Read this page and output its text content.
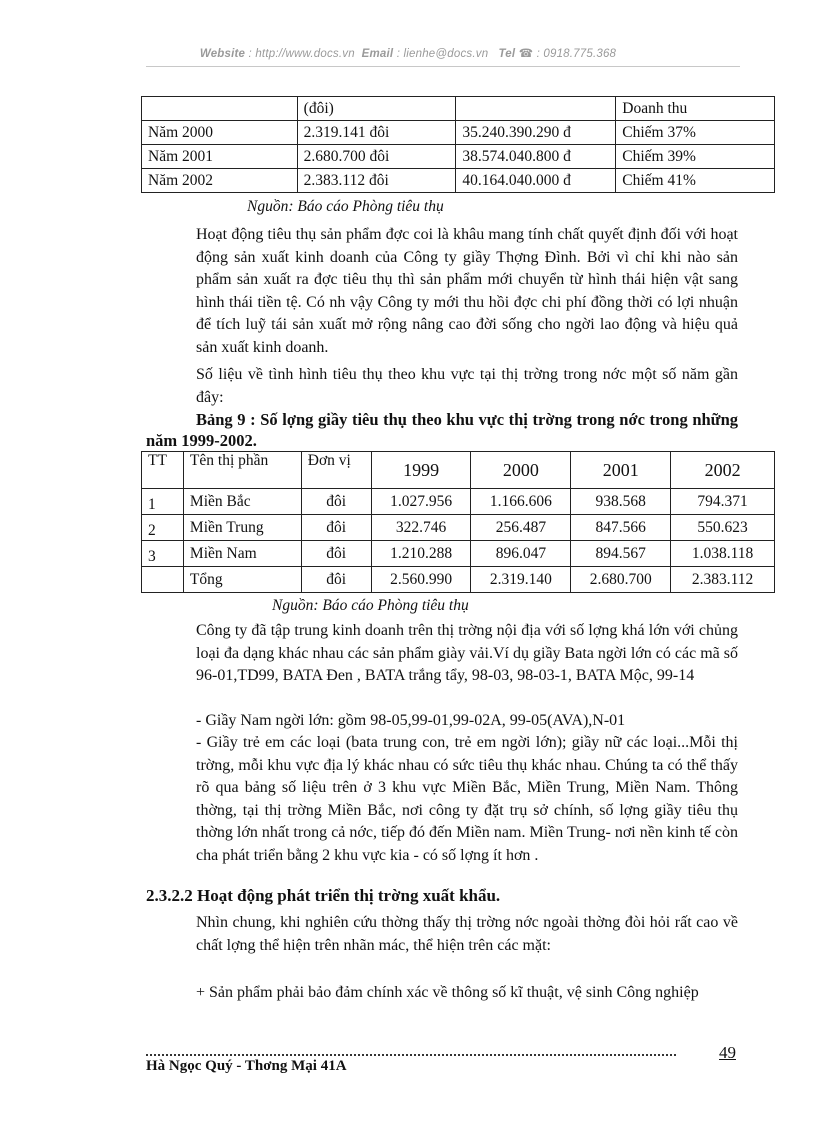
Website : http://www.docs.vn Email : lienhe@docs.vn Tel ☎ : 0918.775.368
	(đôi)		Doanh thu
Năm 2000	2.319.141 đôi	35.240.390.290 đ	Chiếm 37%
Năm 2001	2.680.700 đôi	38.574.040.800 đ	Chiếm 39%
Năm 2002	2.383.112 đôi	40.164.040.000 đ	Chiếm 41%
Nguồn: Báo cáo Phòng tiêu thụ
Hoạt động tiêu thụ sản phẩm đợc coi là khâu mang tính chất quyết định đối với hoạt động sản xuất kinh doanh của Công ty giầy Thợng Đình. Bởi vì chỉ khi nào sản phẩm sản xuất ra đợc tiêu thụ thì sản phẩm mới chuyển từ hình thái hiện vật sang hình thái tiền tệ. Có nh vậy Công ty mới thu hồi đợc chi phí đồng thời có lợi nhuận để tích luỹ tái sản xuất mở rộng nâng cao đời sống cho ngời lao động và hiệu quả sản xuất kinh doanh.
Số liệu về tình hình tiêu thụ theo khu vực tại thị trờng trong nớc một số năm gần đây:
Bảng 9 : Số lợng giầy tiêu thụ theo khu vực thị trờng trong nớc trong những năm 1999-2002.
TT	Tên thị phần	Đơn vị	1999	2000	2001	2002
1	Miền Bắc	đôi	1.027.956	1.166.606	938.568	794.371
2	Miền Trung	đôi	322.746	256.487	847.566	550.623
3	Miền Nam	đôi	1.210.288	896.047	894.567	1.038.118
	Tổng	đôi	2.560.990	2.319.140	2.680.700	2.383.112
Nguồn: Báo cáo Phòng tiêu thụ
Công ty đã tập trung kinh doanh trên thị trờng nội địa với số lợng khá lớn với chủng loại đa dạng khác nhau các sản phẩm giày vải.Ví dụ giầy Bata ngời lớn có các mã số 96-01,TD99, BATA Đen , BATA trắng tẩy, 98-03, 98-03-1, BATA Mộc, 99-14
- Giầy Nam ngời lớn: gồm 98-05,99-01,99-02A, 99-05(AVA),N-01
- Giầy trẻ em các loại (bata trung con, trẻ em ngời lớn); giầy nữ các loại...Mỗi thị trờng, mỗi khu vực địa lý khác nhau có sức tiêu thụ khác nhau. Chúng ta có thể thấy rõ qua bảng số liệu trên ở 3 khu vực Miền Bắc, Miền Trung, Miền Nam. Thông thờng, tại thị trờng Miền Bắc, nơi công ty đặt trụ sở chính, số lợng giầy tiêu thụ thờng lớn nhất trong cả nớc, tiếp đó đến Miền nam. Miền Trung- nơi nền kinh tế còn cha phát triển bằng 2 khu vực kia - có số lợng ít hơn .
2.3.2.2 Hoạt động phát triển thị trờng xuất khẩu.
Nhìn chung, khi nghiên cứu thờng thấy thị trờng nớc ngoài thờng đòi hỏi rất cao về chất lợng thể hiện trên nhãn mác, thể hiện trên các mặt:
+ Sản phẩm phải bảo đảm chính xác về thông số kĩ thuật, vệ sinh Công nghiệp
49
Hà Ngọc Quý - Thơng Mại 41A
